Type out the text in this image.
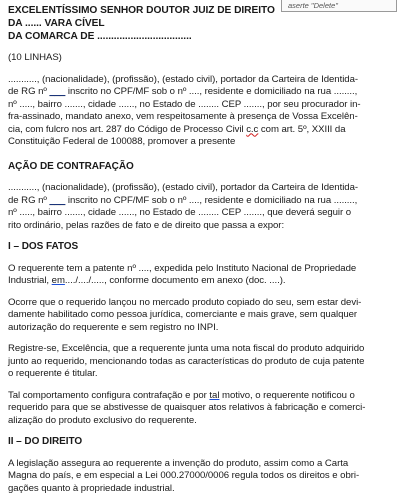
aserte "Delete"
EXCELENTÍSSIMO SENHOR DOUTOR JUIZ DE DIREITO DA ...... VARA CÍVEL
DA COMARCA DE ..................................
(10 LINHAS)
..........., (nacionalidade), (profissão), (estado civil), portador da Carteira de Identida-
de RG nº ___ inscrito no CPF/MF sob o nº ...., residente e domiciliado na rua ........,
nº ....., bairro ......., cidade ......, no Estado de ........ CEP ......., por seu procurador in-
fra-assinado, mandato anexo, vem respeitosamente à presença de Vossa Excelên-
cia, com fulcro nos art. 287 do Código de Processo Civil c.c com art. 5º, XXIII da
Constituição Federal de 100088, promover a presente
AÇÃO DE CONTRAFAÇÃO
..........., (nacionalidade), (profissão), (estado civil), portador da Carteira de Identida-
de RG nº ___ inscrito no CPF/MF sob o nº ...., residente e domiciliado na rua ........,
nº ....., bairro ......., cidade ......, no Estado de ........ CEP ......., que deverá seguir o
rito ordinário, pelas razões de fato e de direito que passa a expor:
I – DOS FATOS
O requerente tem a patente nº ...., expedida pelo Instituto Nacional de Propriedade
Industrial, em..../..../....., conforme documento em anexo (doc. ....).
Ocorre que o requerido lançou no mercado produto copiado do seu, sem estar devi-
damente habilitado como pessoa jurídica, comerciante e mais grave, sem qualquer
autorização do requerente e sem registro no INPI.
Registre-se, Excelência, que a requerente junta uma nota fiscal do produto adquirido
junto ao requerido, mencionando todas as características do produto de cuja patente
o requerente é titular.
Tal comportamento configura contrafação e por tal motivo, o requerente notificou o
requerido para que se abstivesse de quaisquer atos relativos à fabricação e comerci-
alização do produto exclusivo do requerente.
II – DO DIREITO
A legislação assegura ao requerente a invenção do produto, assim como a Carta
Magna do país, e em especial a Lei 000.27000/0006 regula todos os direitos e obri-
gações quanto à propriedade industrial.
